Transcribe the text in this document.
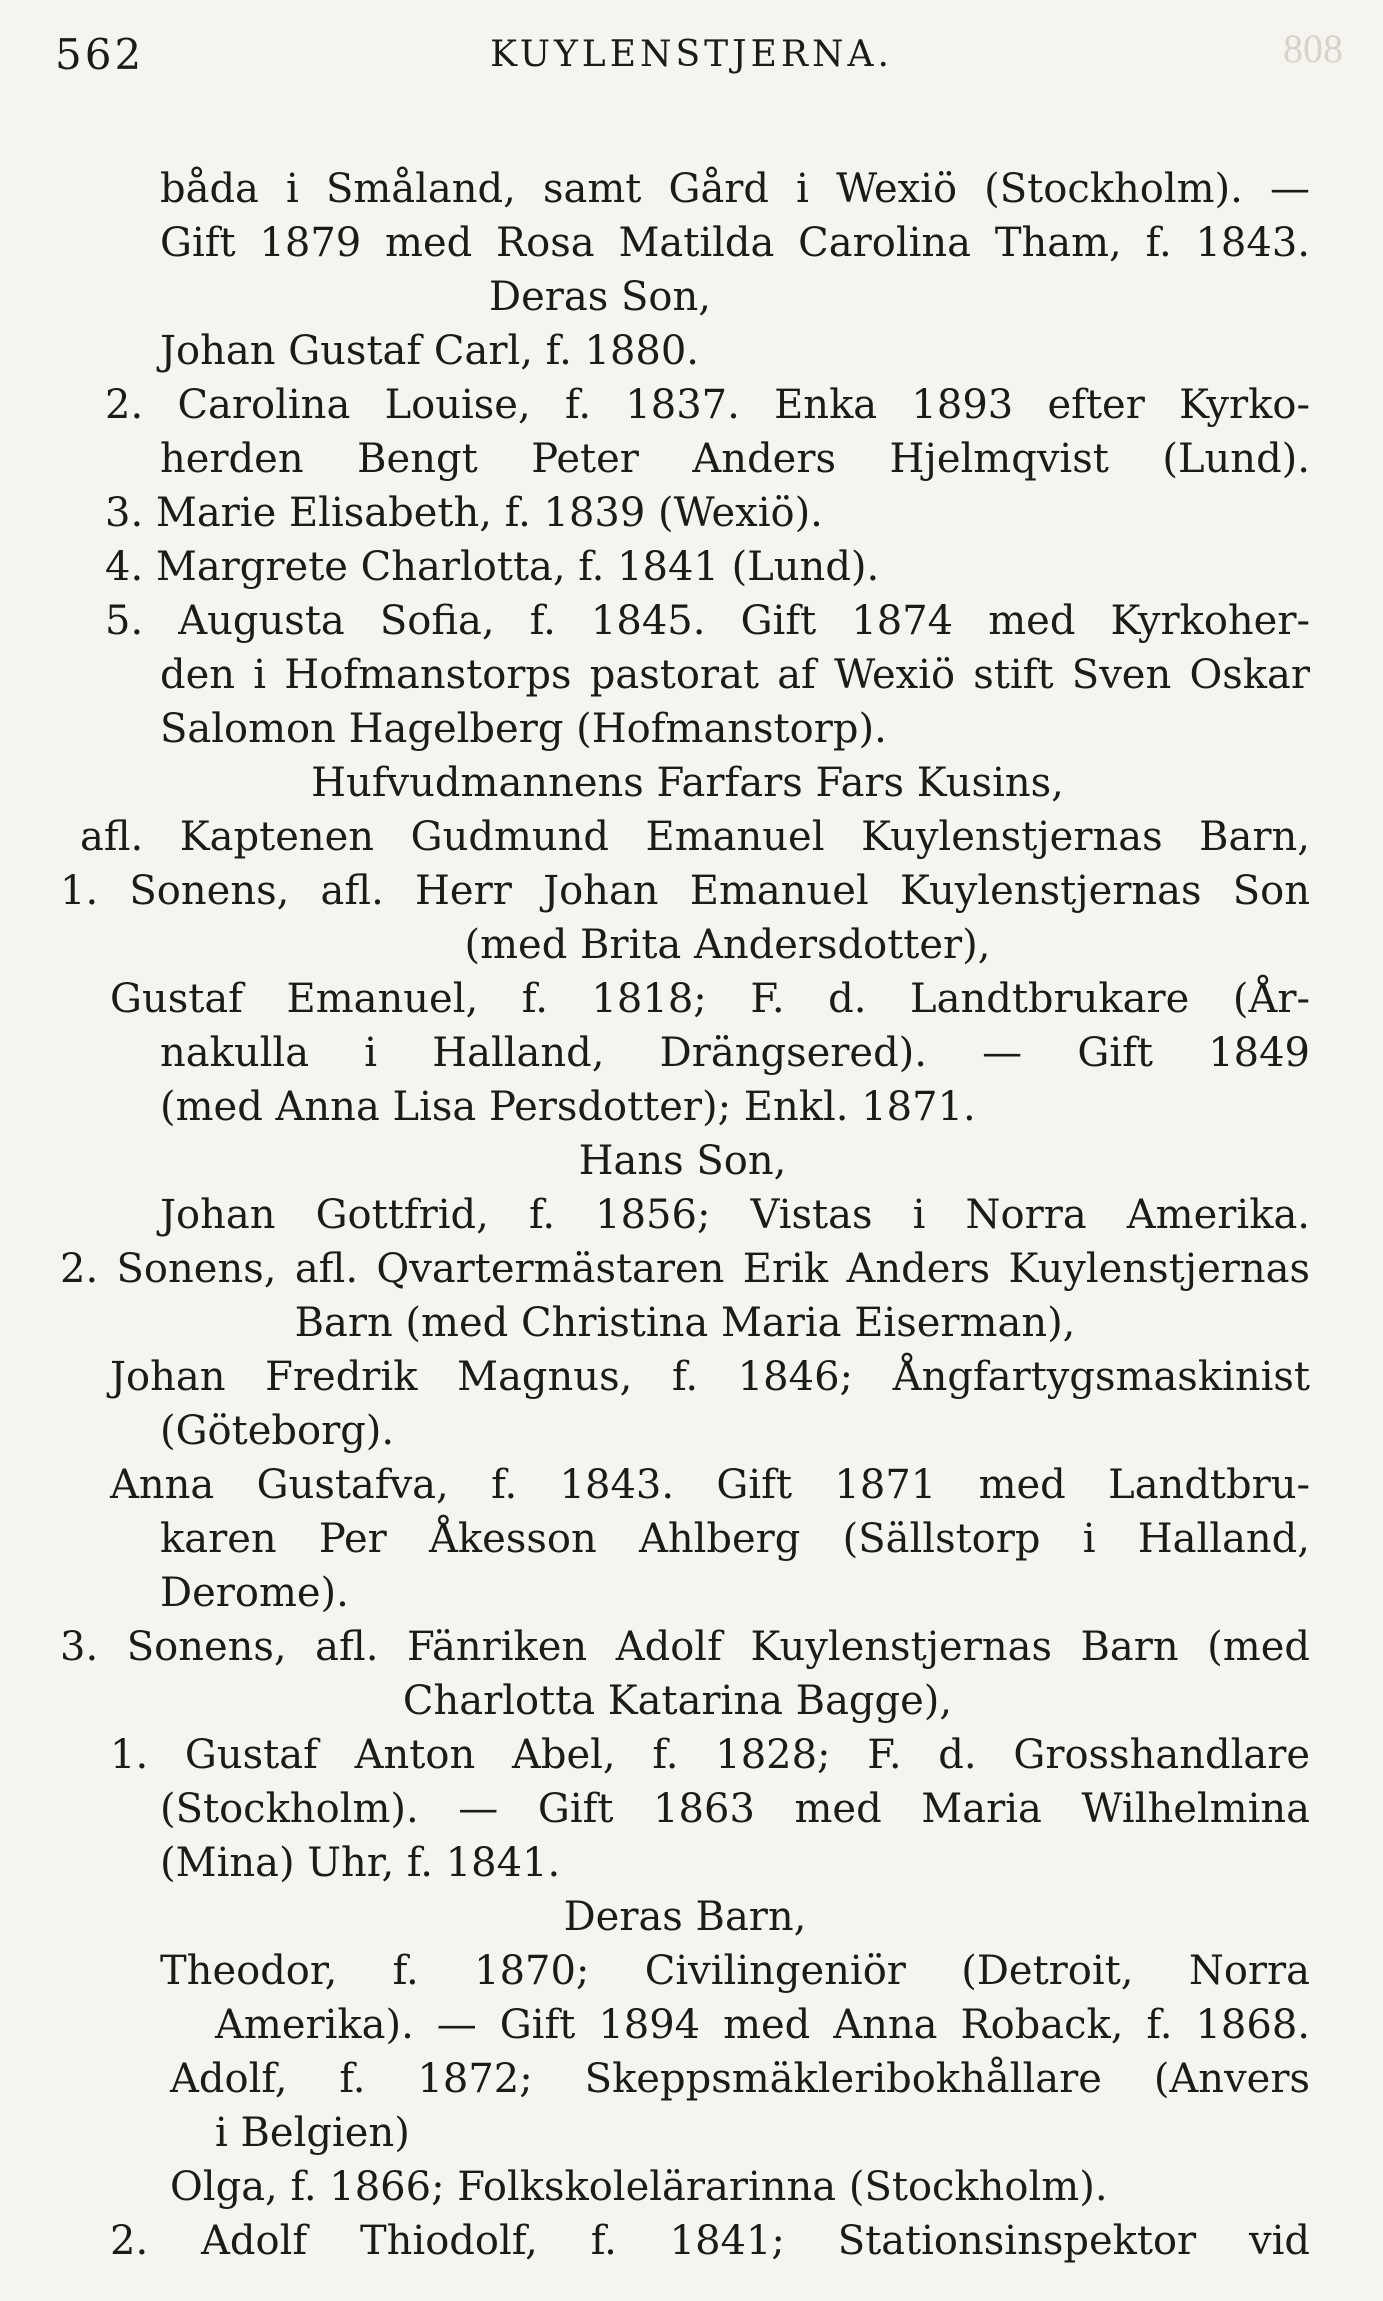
808
562	KUYLENSTJERNA.
båda i Småland, samt Gård i Wexiö (Stockholm). —
Gift 1879 med Rosa Matilda Carolina Tham, f. 1843.
Deras Son,
Johan Gustaf Carl, f. 1880.
2. Carolina Louise, f. 1837. Enka 1893 efter Kyrko-
herden Bengt Peter Anders Hjelmqvist (Lund).
3. Marie Elisabeth, f. 1839 (Wexiö).
4. Margrete Charlotta, f. 1841 (Lund).
5. Augusta Sofia, f. 1845. Gift 1874 med Kyrkoher-
den i Hofmanstorps pastorat af Wexiö stift Sven Oskar
Salomon Hagelberg (Hofmanstorp).
Hufvudmannens Farfars Fars Kusins,
afl. Kaptenen Gudmund Emanuel Kuylenstjernas Barn,
1. Sonens, afl. Herr Johan Emanuel Kuylenstjernas Son
(med Brita Andersdotter),
Gustaf Emanuel, f. 1818; F. d. Landtbrukare (År-
nakulla i Halland, Drängsered). — Gift 1849
(med Anna Lisa Persdotter); Enkl. 1871.
Hans Son,
Johan Gottfrid, f. 1856; Vistas i Norra Amerika.
2. Sonens, afl. Qvartermästaren Erik Anders Kuylenstjernas
Barn (med Christina Maria Eiserman),
Johan Fredrik Magnus, f. 1846; Ångfartygsmaskinist
(Göteborg).
Anna Gustafva, f. 1843. Gift 1871 med Landtbru-
karen Per Åkesson Ahlberg (Sällstorp i Halland,
Derome).
3. Sonens, afl. Fänriken Adolf Kuylenstjernas Barn (med
Charlotta Katarina Bagge),
1. Gustaf Anton Abel, f. 1828; F. d. Grosshandlare
(Stockholm). — Gift 1863 med Maria Wilhelmina
(Mina) Uhr, f. 1841.
Deras Barn,
Theodor, f. 1870; Civilingeniör (Detroit, Norra
Amerika). — Gift 1894 med Anna Roback, f. 1868.
Adolf, f. 1872; Skeppsmäkleribokhållare (Anvers
i Belgien)
Olga, f. 1866; Folkskolelärarinna (Stockholm).
2. Adolf Thiodolf, f. 1841; Stationsinspektor vid
